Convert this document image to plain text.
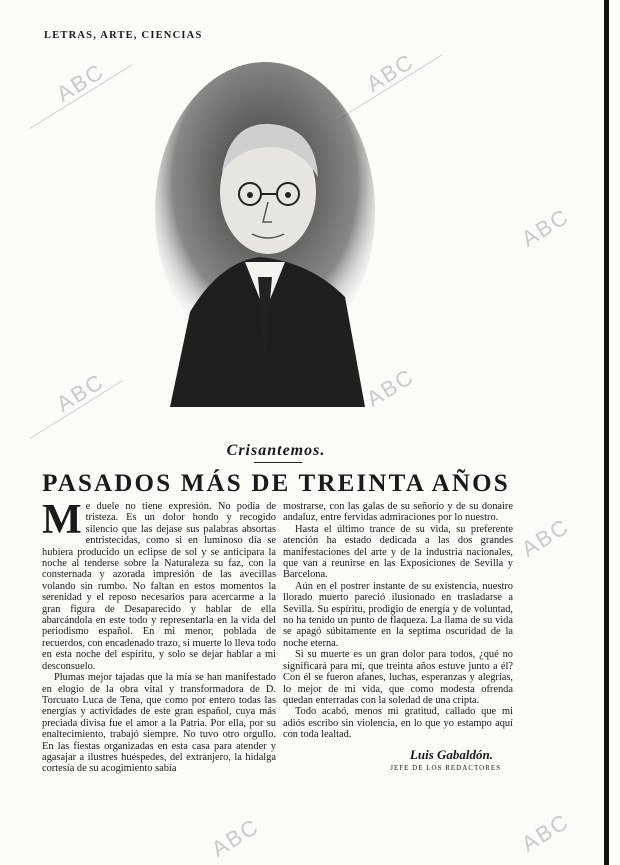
LETRAS, ARTE, CIENCIAS
ABC	ABC
ABC
ABC	ABC
ABC
ABC	ABC
Crisantemos.
PASADOS MÁS DE TREINTA AÑOS

Me duele no tiene expresión. No podía de tristeza. Es un dolor hondo y recogido silencio que las dejase sus palabras absortas entristecidas, como si en luminoso día se hubiera producido un eclipse de sol y se anticipara la noche al tenderse sobre la Naturaleza su faz, con la consternada y azorada impresión de las avecillas volando sin rumbo. No faltan en estos momentos la serenidad y el reposo necesarios para acercarme a la gran figura de Desaparecido y hablar de ella abarcándola en este todo y representarla en la vida del periodismo español. En mi menor, poblada de recuerdos, con encadenado trazo, si muerte lo lleva todo en esta noche del espíritu, y solo se dejar hablar a mi desconsuelo.

Plumas mejor tajadas que la mía se han manifestado en elogio de la obra vital y transformadora de D. Torcuato Luca de Tena, que como por entero todas las energías y actividades de este gran español, cuya más preciada divisa fue el amor a la Patria. Por ella, por su enaltecimiento, trabajó siempre. No tuvo otro orgullo. En las fiestas organizadas en esta casa para atender y agasajar a ilustres huéspedes, del extranjero, la hidalga cortesía de su acogimiento sabía

mostrarse, con las galas de su señorío y de su donaire andaluz, entre fervidas admiraciones por lo nuestro.

Hasta el último trance de su vida, su preferente atención ha estado dedicada a las dos grandes manifestaciones del arte y de la industria nacionales, que van a reunirse en las Exposiciones de Sevilla y Barcelona.

Aún en el postrer instante de su existencia, nuestro llorado muerto pareció ilusionado en trasladarse a Sevilla. Su espíritu, prodigio de energía y de voluntad, no ha tenido un punto de flaqueza. La llama de su vida se apagó súbitamente en la septima oscuridad de la noche eterna.

Si su muerte es un gran dolor para todos, ¿qué no significará para mí, que treinta años estuve junto a él? Con él se fueron afanes, luchas, esperanzas y alegrías, lo mejor de mi vida, que como modesta ofrenda quedan enterradas con la soledad de una cripta.

Todo acabó, menos mi gratitud, callado que mi adiós escribo sin violencia, en lo que yo estampo aquí con toda lealtad.

Luis Gabaldón.
JEFE DE LOS REDACTORES
